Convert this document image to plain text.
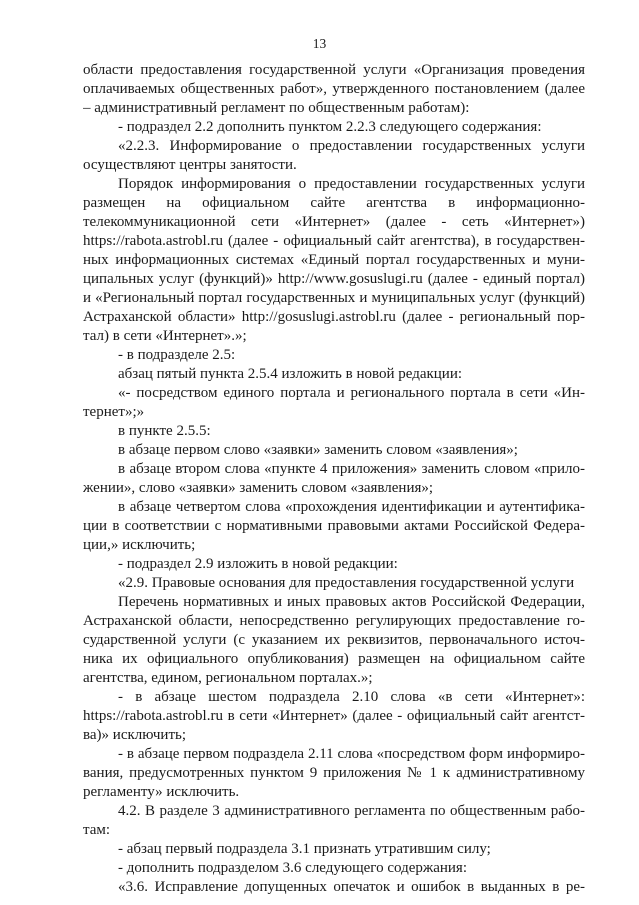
13
области предоставления государственной услуги «Организация проведения
оплачиваемых общественных работ», утвержденного постановлением (далее
– административный регламент по общественным работам):
- подраздел 2.2 дополнить пунктом 2.2.3 следующего содержания:
«2.2.3. Информирование о предоставлении государственных услуги
осуществляют центры занятости.
Порядок информирования о предоставлении государственных услуги
размещен на официальном сайте агентства в информационно-
телекоммуникационной сети «Интернет» (далее - сеть «Интернет»)
https://rabota.astrobl.ru (далее - официальный сайт агентства), в государствен-
ных информационных системах «Единый портал государственных и муни-
ципальных услуг (функций)» http://www.gosuslugi.ru (далее - единый портал)
и «Региональный портал государственных и муниципальных услуг (функций)
Астраханской области» http://gosuslugi.astrobl.ru (далее - региональный пор-
тал) в сети «Интернет».»;
- в подразделе 2.5:
абзац пятый пункта 2.5.4 изложить в новой редакции:
«- посредством единого портала и регионального портала в сети «Ин-
тернет»;»
в пункте 2.5.5:
в абзаце первом слово «заявки» заменить словом «заявления»;
в абзаце втором слова «пункте 4 приложения» заменить словом «прило-
жении», слово «заявки» заменить словом «заявления»;
в абзаце четвертом слова «прохождения идентификации и аутентифика-
ции в соответствии с нормативными правовыми актами Российской Федера-
ции,» исключить;
- подраздел 2.9 изложить в новой редакции:
«2.9. Правовые основания для предоставления государственной услуги
Перечень нормативных и иных правовых актов Российской Федерации,
Астраханской области, непосредственно регулирующих предоставление го-
сударственной услуги (с указанием их реквизитов, первоначального источ-
ника их официального опубликования) размещен на официальном сайте
агентства, едином, региональном порталах.»;
- в абзаце шестом подраздела 2.10 слова «в сети «Интернет»:
https://rabota.astrobl.ru в сети «Интернет» (далее - официальный сайт агентст-
ва)» исключить;
- в абзаце первом подраздела 2.11 слова «посредством форм информиро-
вания, предусмотренных пунктом 9 приложения № 1 к административному
регламенту» исключить.
4.2. В разделе 3 административного регламента по общественным рабо-
там:
- абзац первый подраздела 3.1 признать утратившим силу;
- дополнить подразделом 3.6 следующего содержания:
«3.6. Исправление допущенных опечаток и ошибок в выданных в ре-
